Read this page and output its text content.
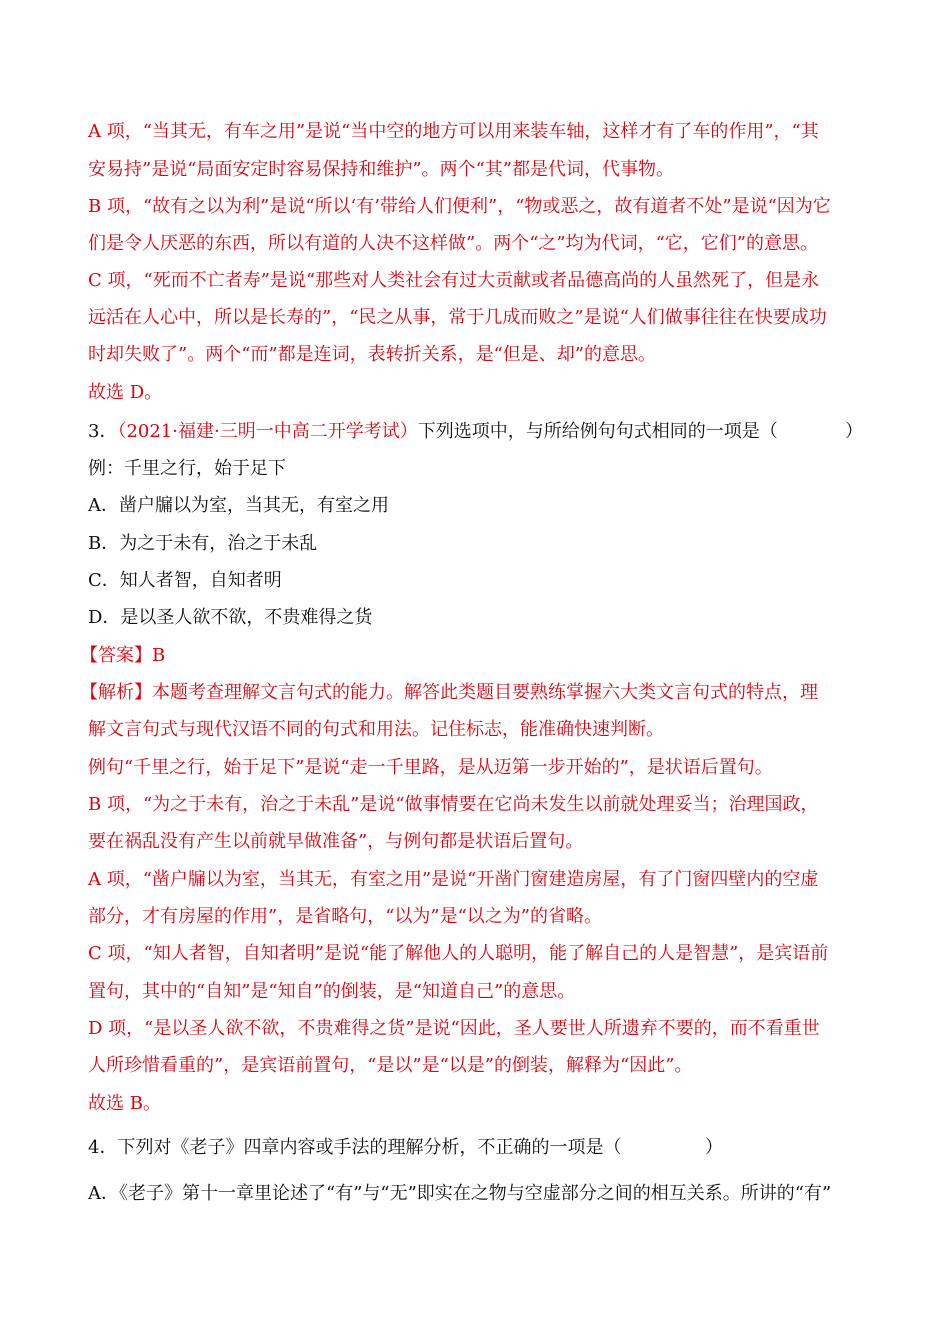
A 项，“当其无，有车之用”是说“当中空的地方可以用来装车轴，这样才有了车的作用”，“其
安易持”是说“局面安定时容易保持和维护”。两个“其”都是代词，代事物。
B 项，“故有之以为利”是说“所以‘有’带给人们便利”，“物或恶之，故有道者不处”是说“因为它
们是令人厌恶的东西，所以有道的人决不这样做”。两个“之”均为代词，“它，它们”的意思。
C 项，“死而不亡者寿”是说“那些对人类社会有过大贡献或者品德高尚的人虽然死了，但是永
远活在人心中，所以是长寿的”，“民之从事，常于几成而败之”是说“人们做事往往在快要成功
时却失败了”。两个“而”都是连词，表转折关系，是“但是、却”的意思。
故选 D。
3．（2021·福建·三明一中高二开学考试）下列选项中，与所给例句句式相同的一项是（	）
例：千里之行，始于足下
A．凿户牖以为室，当其无，有室之用
B．为之于未有，治之于未乱
C．知人者智，自知者明
D．是以圣人欲不欲，不贵难得之货
【答案】B
【解析】本题考查理解文言句式的能力。解答此类题目要熟练掌握六大类文言句式的特点，理
解文言句式与现代汉语不同的句式和用法。记住标志，能准确快速判断。
例句“千里之行，始于足下”是说“走一千里路，是从迈第一步开始的”，是状语后置句。
B 项，“为之于未有，治之于未乱”是说“做事情要在它尚未发生以前就处理妥当；治理国政，
要在祸乱没有产生以前就早做准备”，与例句都是状语后置句。
A 项，“凿户牖以为室，当其无，有室之用”是说“开凿门窗建造房屋，有了门窗四壁内的空虚
部分，才有房屋的作用”，是省略句，“以为”是“以之为”的省略。
C 项，“知人者智，自知者明”是说“能了解他人的人聪明，能了解自己的人是智慧”，是宾语前
置句，其中的“自知”是“知自”的倒装，是“知道自己”的意思。
D 项，“是以圣人欲不欲，不贵难得之货”是说“因此，圣人要世人所遗弃不要的，而不看重世
人所珍惜看重的”，是宾语前置句，“是以”是“以是”的倒装，解释为“因此”。
故选 B。
4．下列对《老子》四章内容或手法的理解分析，不正确的一项是（	）
A．《老子》第十一章里论述了“有”与“无”即实在之物与空虚部分之间的相互关系。所讲的“有”
